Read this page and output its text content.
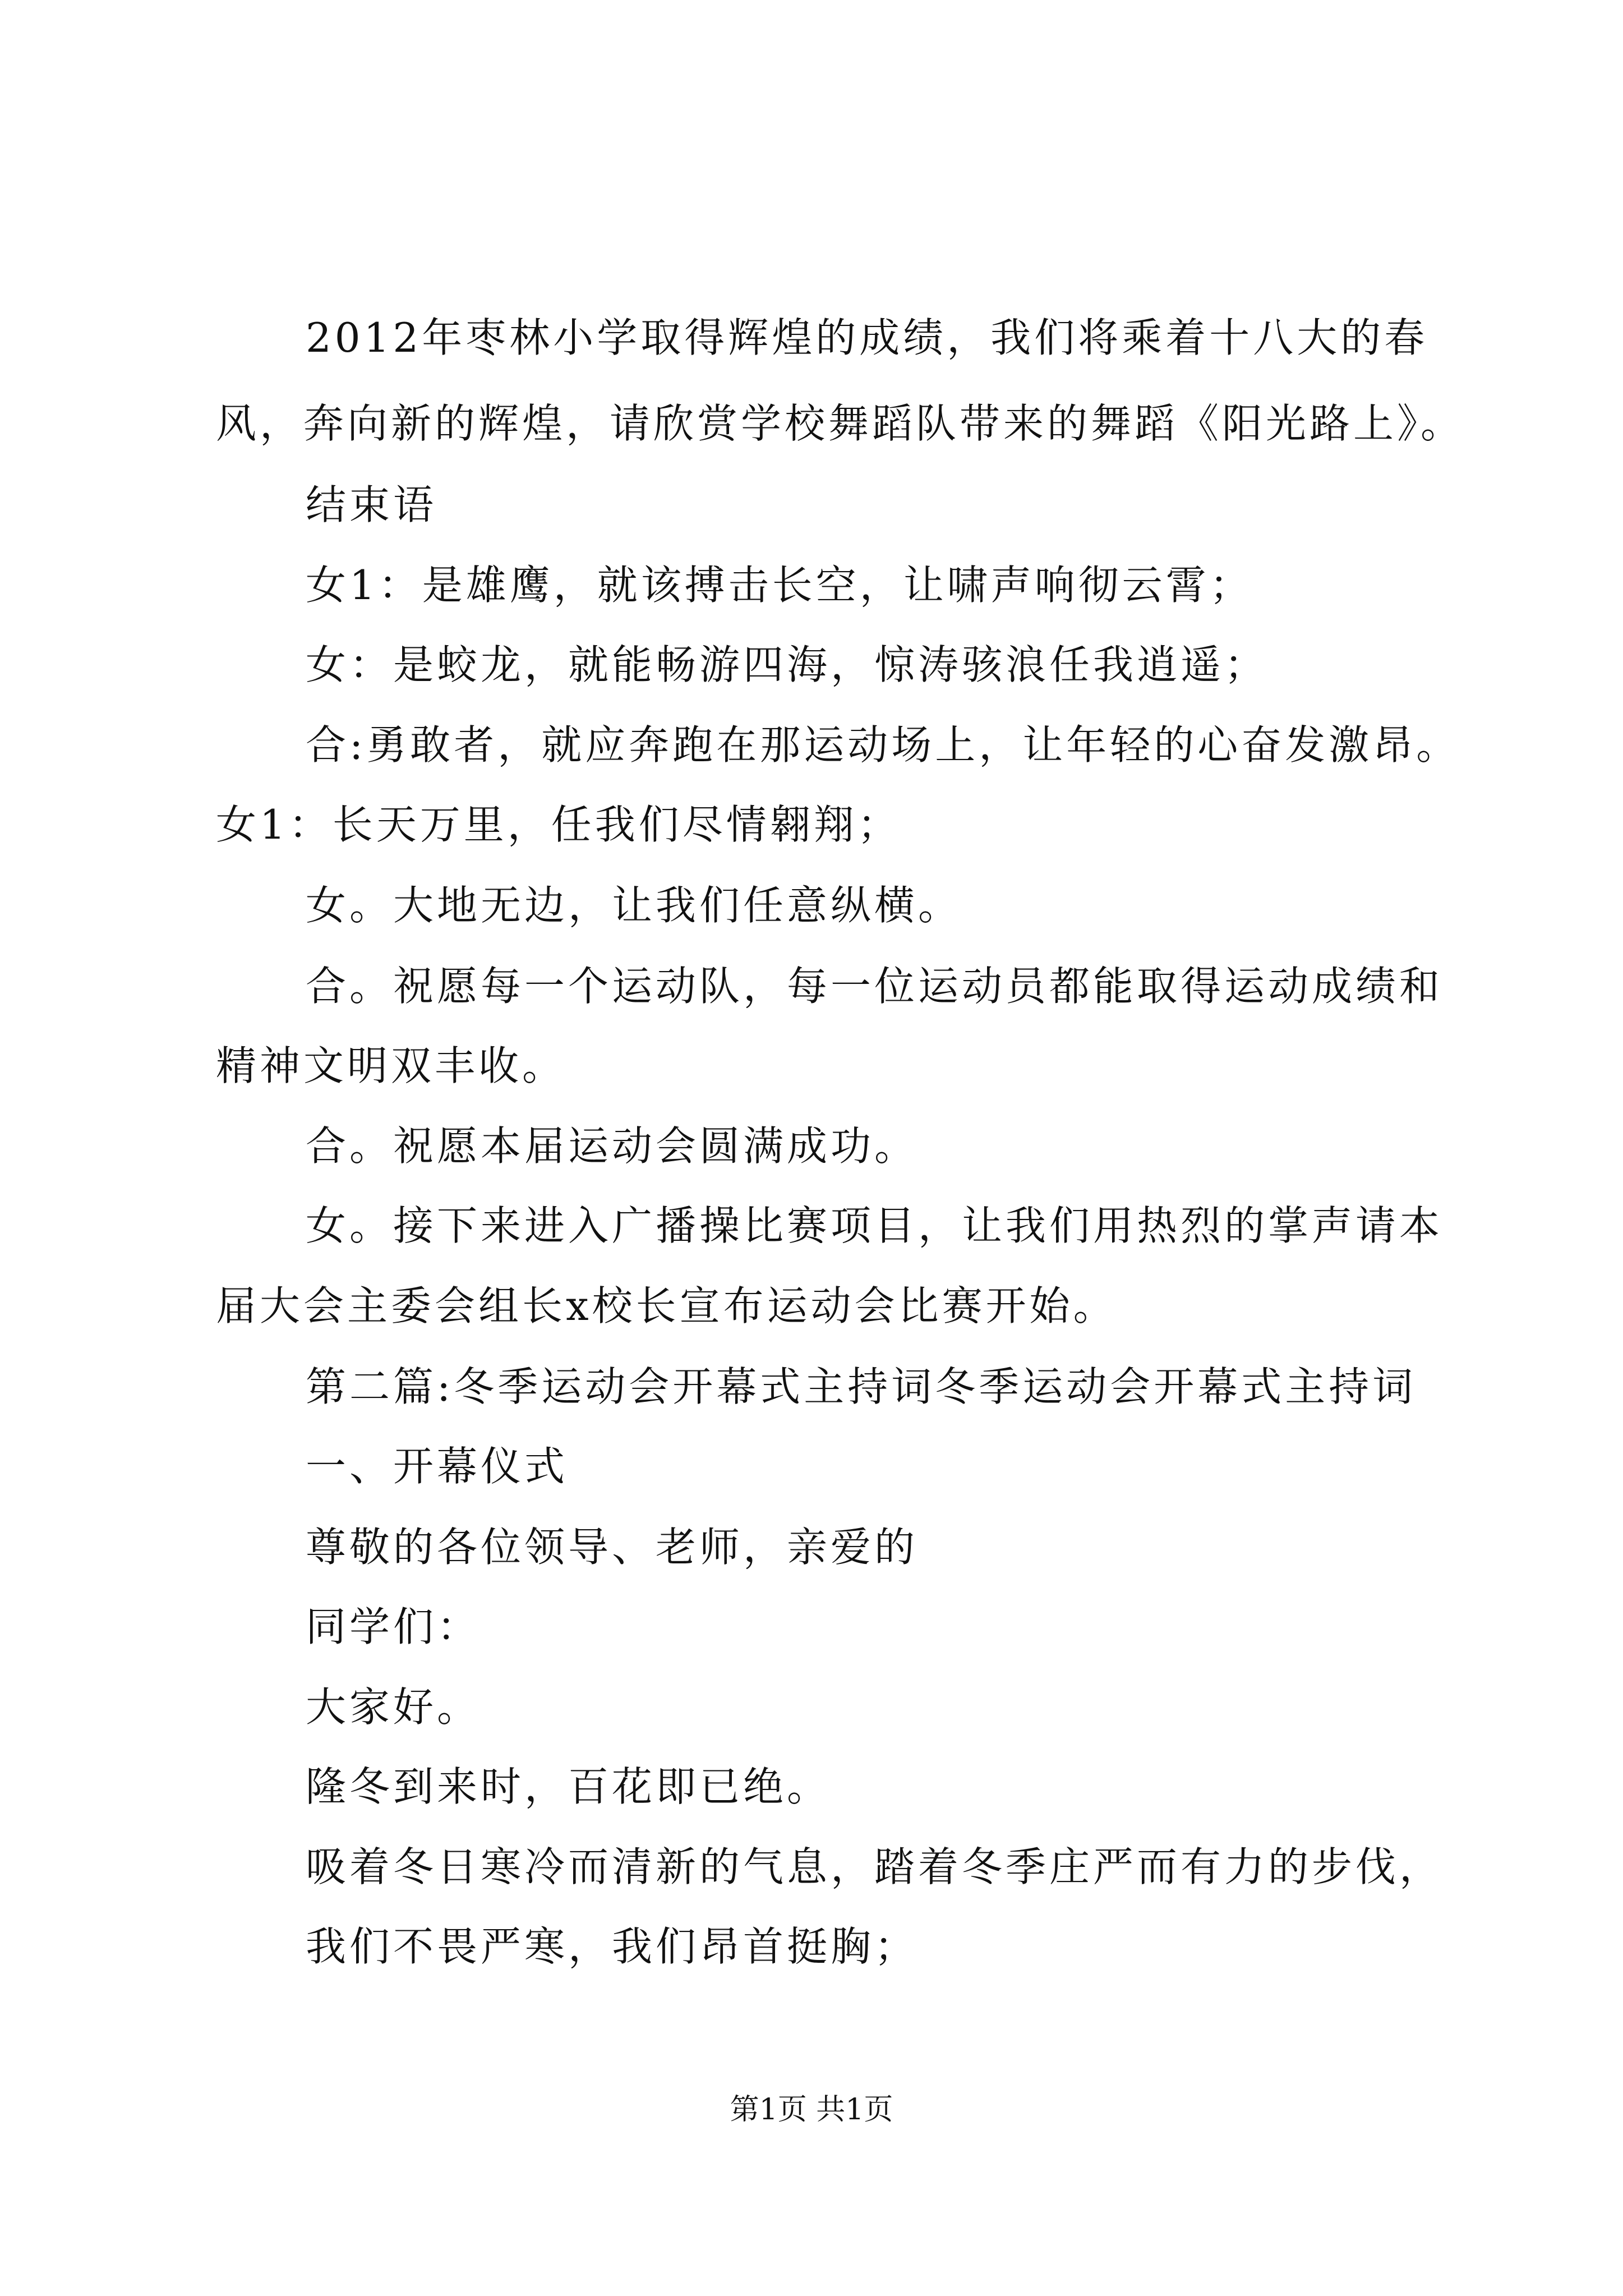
2012年枣林小学取得辉煌的成绩，我们将乘着十八大的春
风，奔向新的辉煌，请欣赏学校舞蹈队带来的舞蹈《阳光路上》。
结束语
女1：是雄鹰，就该搏击长空，让啸声响彻云霄；
女：是蛟龙，就能畅游四海，惊涛骇浪任我逍遥；
合:勇敢者，就应奔跑在那运动场上，让年轻的心奋发激昂。
女1：长天万里，任我们尽情翱翔；
女。大地无边，让我们任意纵横。
合。祝愿每一个运动队，每一位运动员都能取得运动成绩和
精神文明双丰收。
合。祝愿本届运动会圆满成功。
女。接下来进入广播操比赛项目，让我们用热烈的掌声请本
届大会主委会组长x校长宣布运动会比赛开始。
第二篇:冬季运动会开幕式主持词冬季运动会开幕式主持词
一、开幕仪式
尊敬的各位领导、老师，亲爱的
同学们：
大家好。
隆冬到来时，百花即已绝。
吸着冬日寒冷而清新的气息，踏着冬季庄严而有力的步伐，
我们不畏严寒，我们昂首挺胸；
第1页 共1页
